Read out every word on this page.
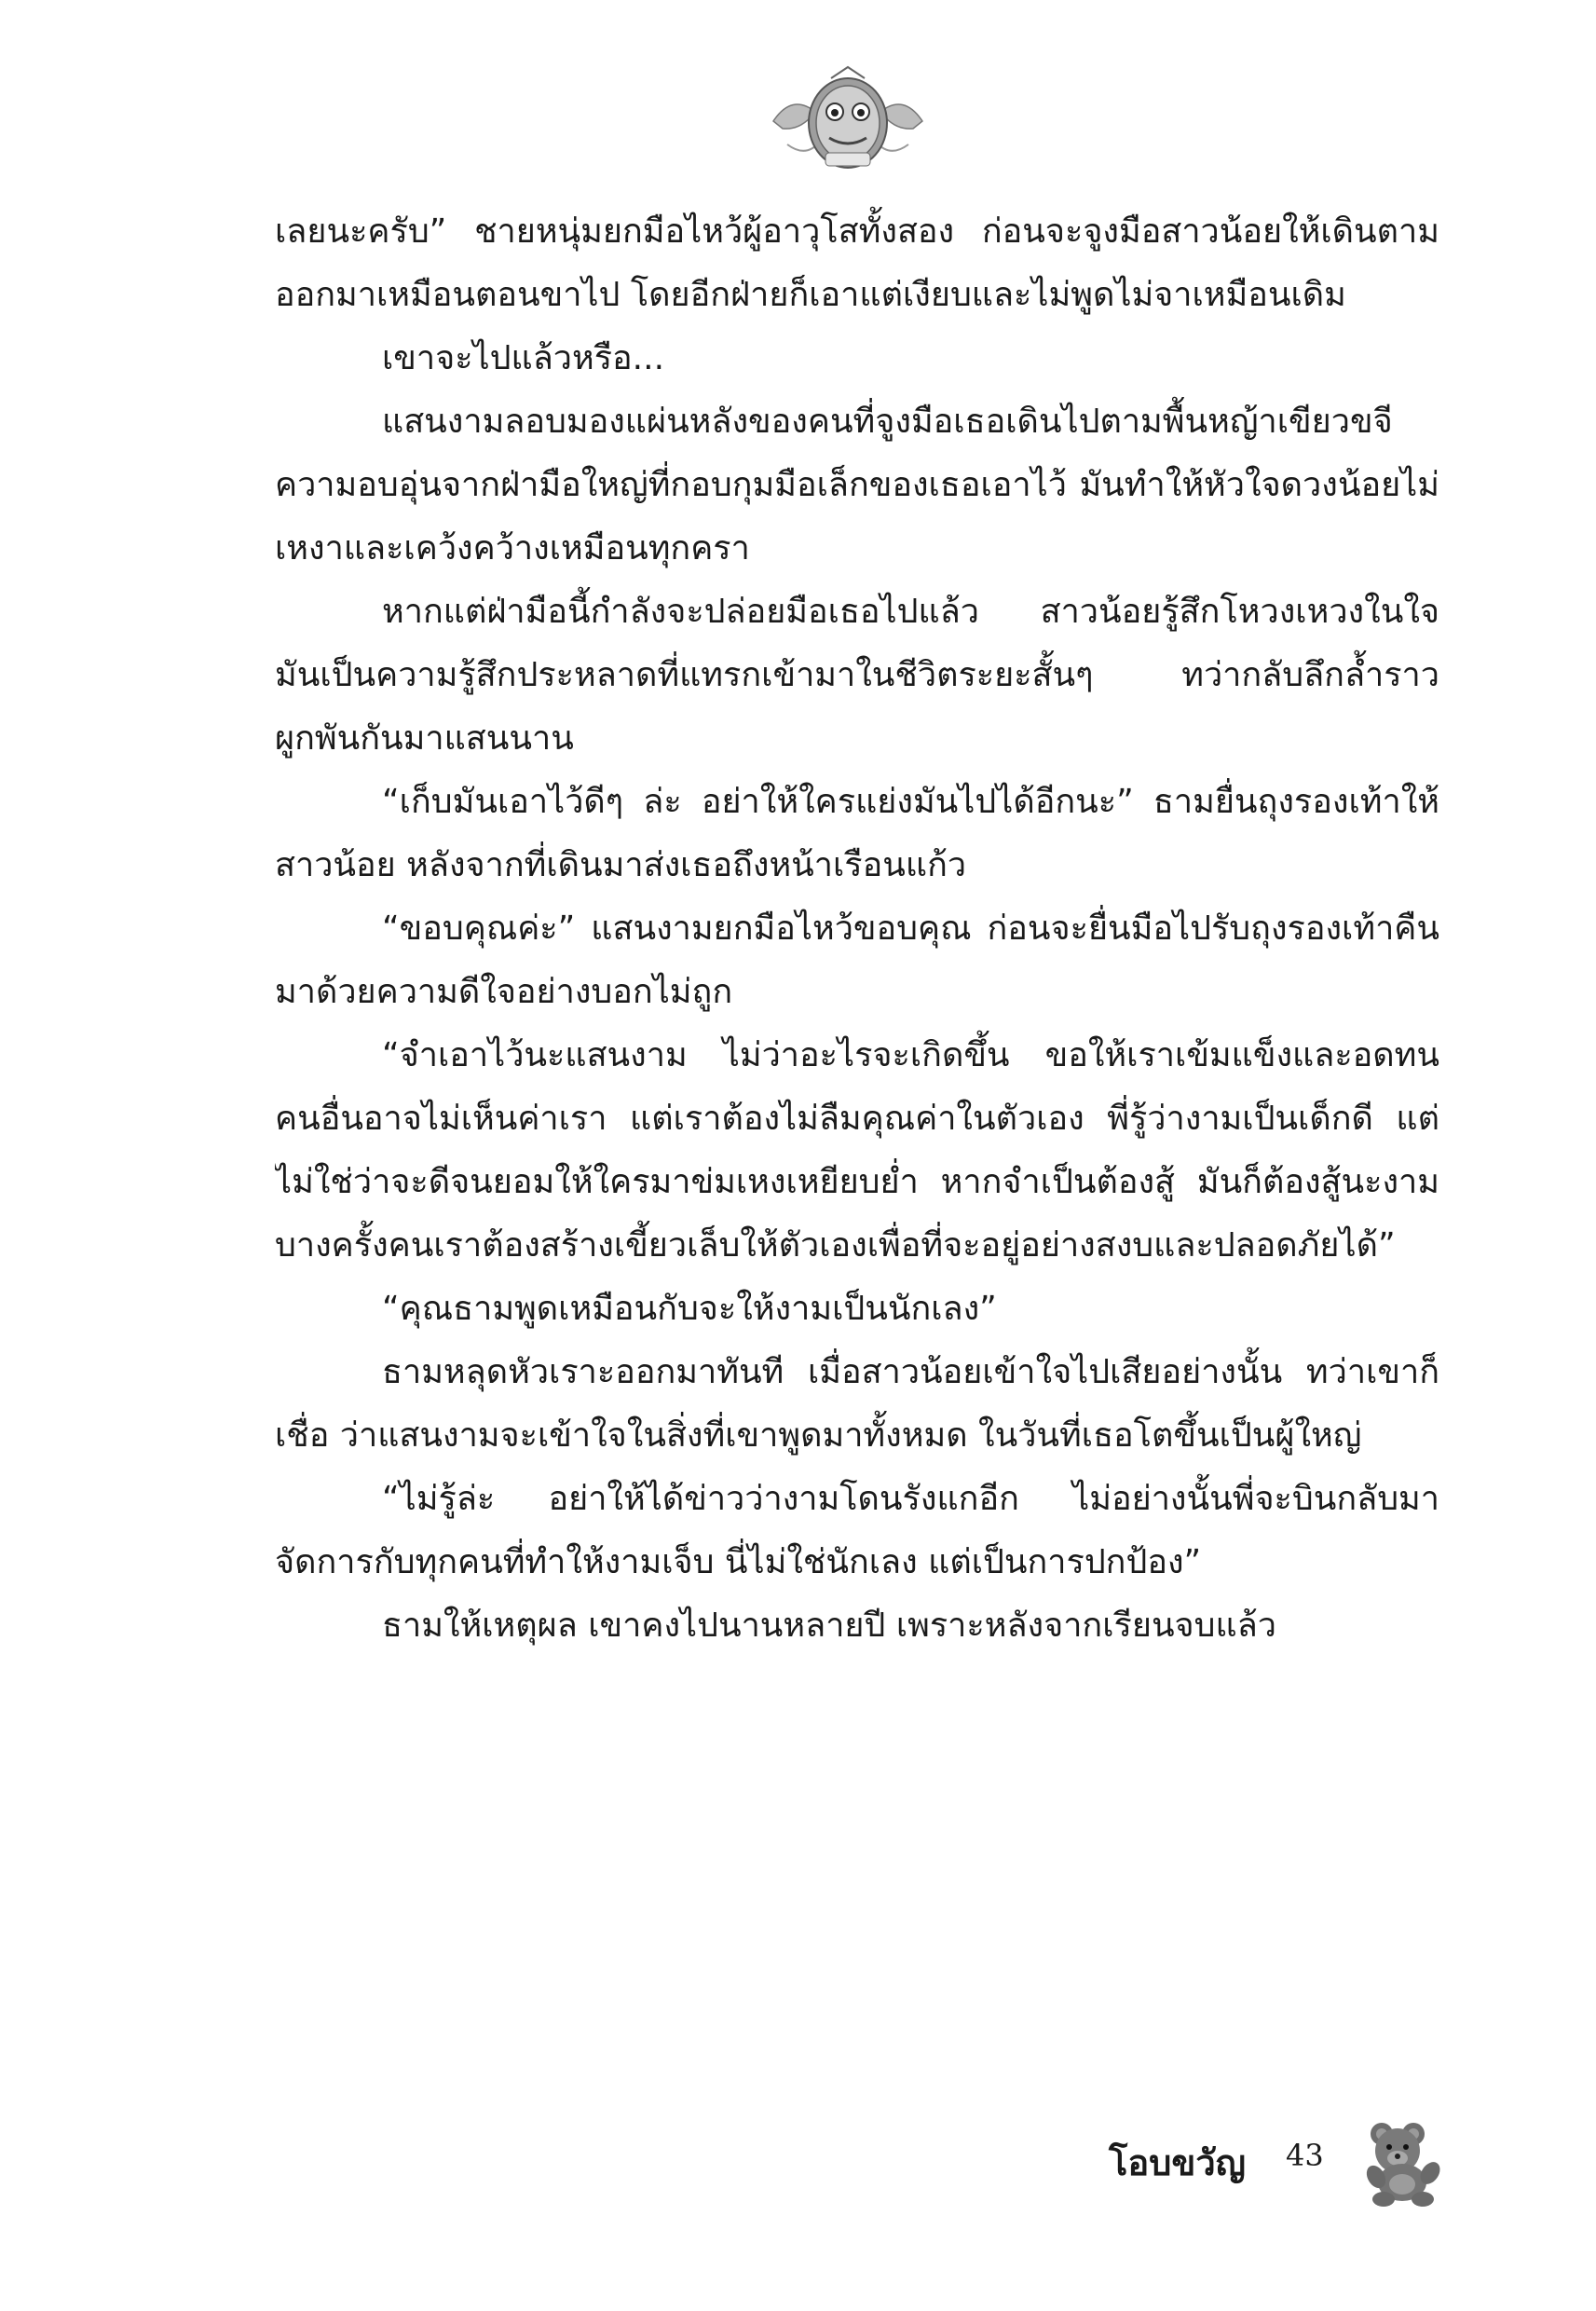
เลยนะครับ” ชายหนุ่มยกมือไหว้ผู้อาวุโสทั้งสอง ก่อนจะจูงมือสาวน้อยให้เดินตามออกมาเหมือนตอนขาไป โดยอีกฝ่ายก็เอาแต่เงียบและไม่พูดไม่จาเหมือนเดิม

เขาจะไปแล้วหรือ...

แสนงามลอบมองแผ่นหลังของคนที่จูงมือเธอเดินไปตามพื้นหญ้าเขียวขจี ความอบอุ่นจากฝ่ามือใหญ่ที่กอบกุมมือเล็กของเธอเอาไว้ มันทำให้หัวใจดวงน้อยไม่เหงาและเคว้งคว้างเหมือนทุกครา

หากแต่ฝ่ามือนี้กำลังจะปล่อยมือเธอไปแล้ว สาวน้อยรู้สึกโหวงเหวงในใจ มันเป็นความรู้สึกประหลาดที่แทรกเข้ามาในชีวิตระยะสั้นๆ ทว่ากลับลึกล้ำราวผูกพันกันมาแสนนาน

“เก็บมันเอาไว้ดีๆ ล่ะ อย่าให้ใครแย่งมันไปได้อีกนะ” ธามยื่นถุงรองเท้าให้สาวน้อย หลังจากที่เดินมาส่งเธอถึงหน้าเรือนแก้ว

“ขอบคุณค่ะ” แสนงามยกมือไหว้ขอบคุณ ก่อนจะยื่นมือไปรับถุงรองเท้าคืนมาด้วยความดีใจอย่างบอกไม่ถูก

“จำเอาไว้นะแสนงาม ไม่ว่าอะไรจะเกิดขึ้น ขอให้เราเข้มแข็งและอดทน คนอื่นอาจไม่เห็นค่าเรา แต่เราต้องไม่ลืมคุณค่าในตัวเอง พี่รู้ว่างามเป็นเด็กดี แต่ไม่ใช่ว่าจะดีจนยอมให้ใครมาข่มเหงเหยียบย่ำ หากจำเป็นต้องสู้ มันก็ต้องสู้นะงาม บางครั้งคนเราต้องสร้างเขี้ยวเล็บให้ตัวเองเพื่อที่จะอยู่อย่างสงบและปลอดภัยได้”

“คุณธามพูดเหมือนกับจะให้งามเป็นนักเลง”

ธามหลุดหัวเราะออกมาทันที เมื่อสาวน้อยเข้าใจไปเสียอย่างนั้น ทว่าเขาก็เชื่อ ว่าแสนงามจะเข้าใจในสิ่งที่เขาพูดมาทั้งหมด ในวันที่เธอโตขึ้นเป็นผู้ใหญ่

“ไม่รู้ล่ะ อย่าให้ได้ข่าวว่างามโดนรังแกอีก ไม่อย่างนั้นพี่จะบินกลับมาจัดการกับทุกคนที่ทำให้งามเจ็บ นี่ไม่ใช่นักเลง แต่เป็นการปกป้อง”

ธามให้เหตุผล เขาคงไปนานหลายปี เพราะหลังจากเรียนจบแล้ว

โอบขวัญ 43
